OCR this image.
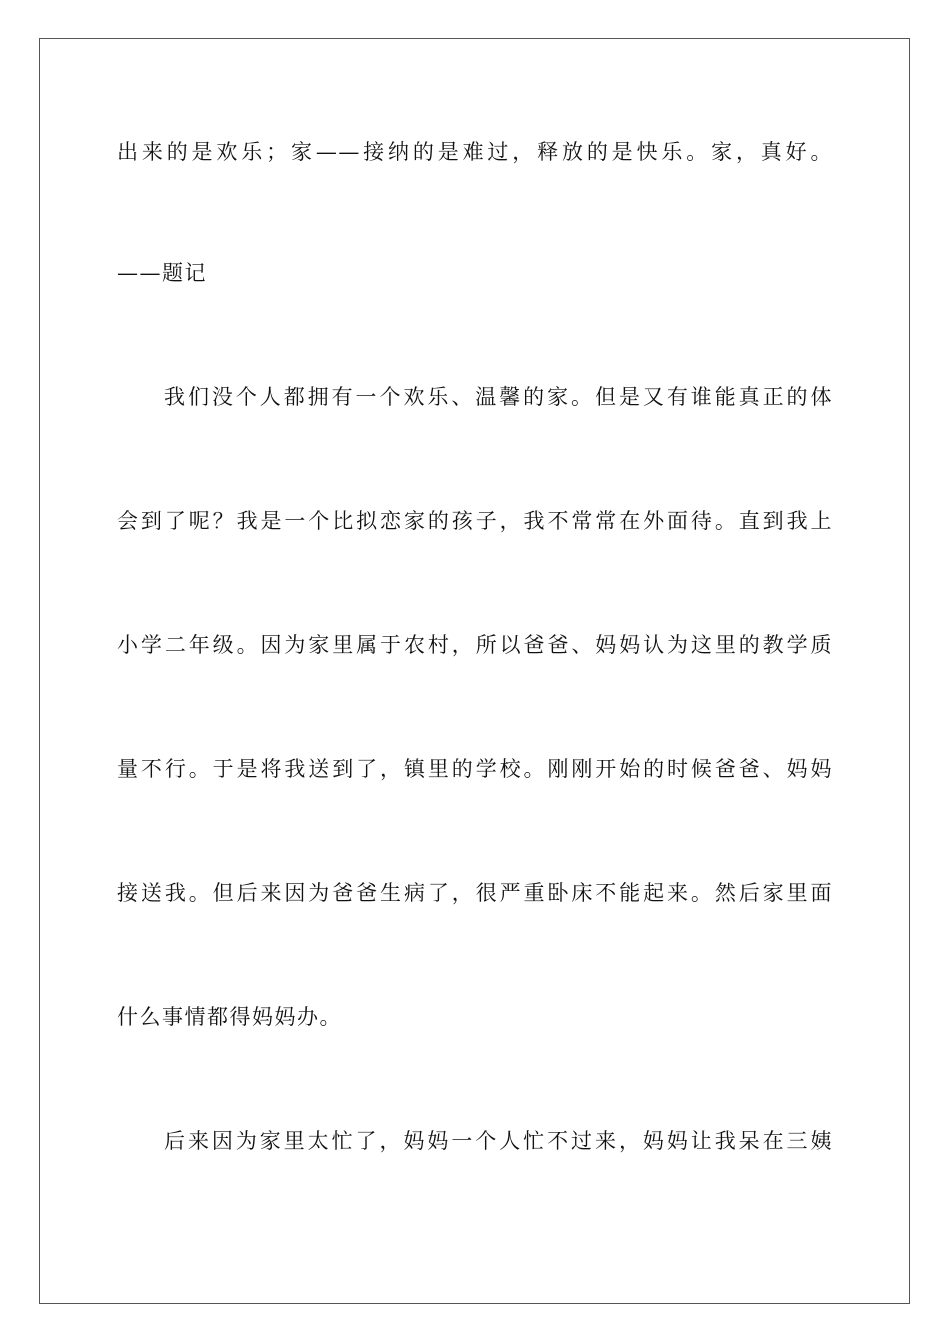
出来的是欢乐；家——接纳的是难过，释放的是快乐。家，真好。
——题记
我们没个人都拥有一个欢乐、温馨的家。但是又有谁能真正的体
会到了呢？我是一个比拟恋家的孩子，我不常常在外面待。直到我上
小学二年级。因为家里属于农村，所以爸爸、妈妈认为这里的教学质
量不行。于是将我送到了，镇里的学校。刚刚开始的时候爸爸、妈妈
接送我。但后来因为爸爸生病了，很严重卧床不能起来。然后家里面
什么事情都得妈妈办。
后来因为家里太忙了，妈妈一个人忙不过来，妈妈让我呆在三姨
